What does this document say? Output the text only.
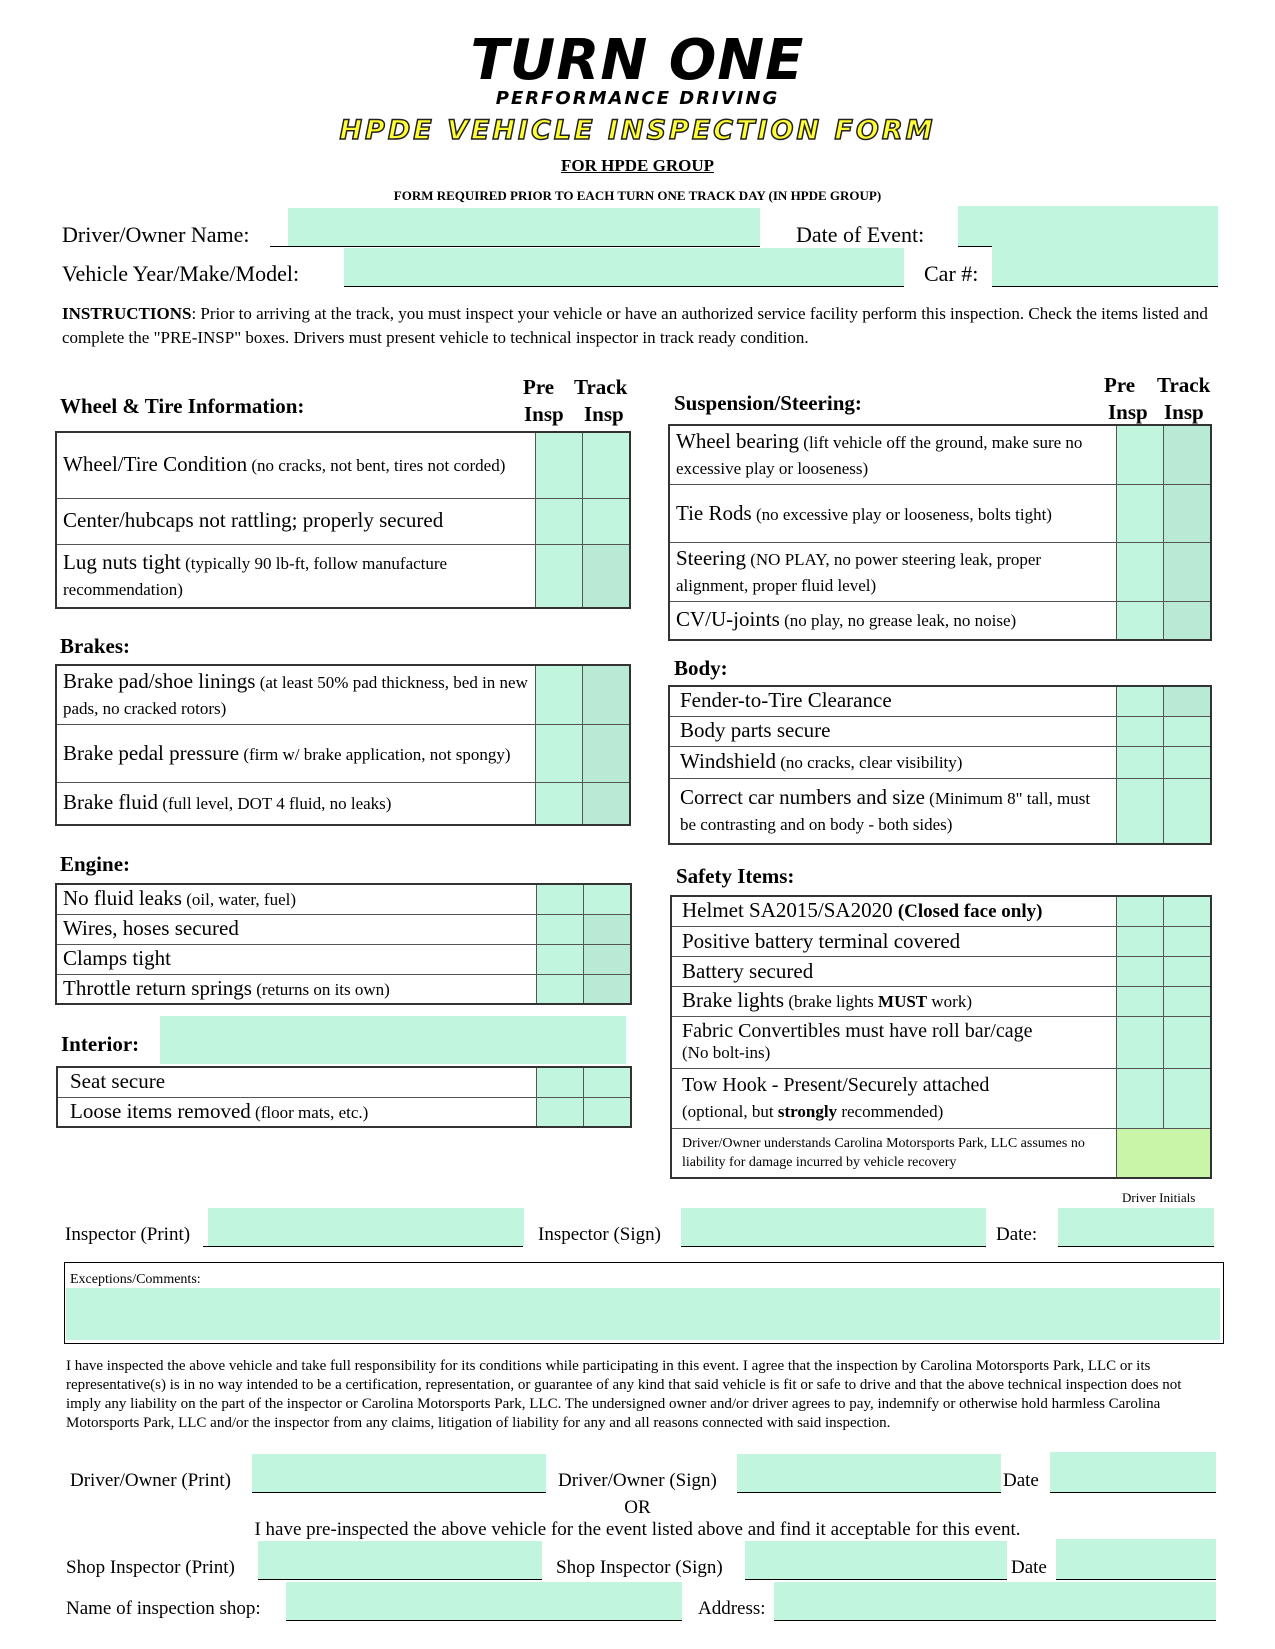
TURN ONE
PERFORMANCE DRIVING
HPDE VEHICLE INSPECTION FORM
FOR HPDE GROUP
FORM REQUIRED PRIOR TO EACH TURN ONE TRACK DAY (IN HPDE GROUP)
Driver/Owner Name:	Date of Event:
Vehicle Year/Make/Model:	Car #:
INSTRUCTIONS: Prior to arriving at the track, you must inspect your vehicle or have an authorized service facility perform this inspection. Check the items listed and complete the "PRE-INSP" boxes. Drivers must present vehicle to technical inspector in track ready condition.
Wheel & Tire Information:
Pre Track
Insp Insp
Wheel/Tire Condition (no cracks, not bent, tires not corded)		
Center/hubcaps not rattling; properly secured		
Lug nuts tight (typically 90 lb-ft, follow manufacture recommendation)		
Brakes:
Brake pad/shoe linings (at least 50% pad thickness, bed in new pads, no cracked rotors)		
Brake pedal pressure (firm w/ brake application, not spongy)		
Brake fluid (full level, DOT 4 fluid, no leaks)		
Engine:
No fluid leaks (oil, water, fuel)		
Wires, hoses secured		
Clamps tight		
Throttle return springs (returns on its own)		
Interior:
Seat secure		
Loose items removed (floor mats, etc.)		
Suspension/Steering:
Pre Track
Insp Insp
Wheel bearing (lift vehicle off the ground, make sure no excessive play or looseness)		
Tie Rods (no excessive play or looseness, bolts tight)		
Steering (NO PLAY, no power steering leak, proper alignment, proper fluid level)		
CV/U-joints (no play, no grease leak, no noise)		
Body:
Fender-to-Tire Clearance		
Body parts secure		
Windshield (no cracks, clear visibility)		
Correct car numbers and size (Minimum 8" tall, must be contrasting and on body - both sides)		
Safety Items:
Helmet SA2015/SA2020 (Closed face only)		
Positive battery terminal covered		
Battery secured		
Brake lights (brake lights MUST work)		
Fabric Convertibles must have roll bar/cage
(No bolt-ins)		
Tow Hook - Present/Securely attached
(optional, but strongly recommended)		
Driver/Owner understands Carolina Motorsports Park, LLC assumes no liability for damage incurred by vehicle recovery		
Driver Initials
Inspector (Print)	Inspector (Sign)	Date:
Exceptions/Comments:
I have inspected the above vehicle and take full responsibility for its conditions while participating in this event. I agree that the inspection by Carolina Motorsports Park, LLC or its representative(s) is in no way intended to be a certification, representation, or guarantee of any kind that said vehicle is fit or safe to drive and that the above technical inspection does not imply any liability on the part of the inspector or Carolina Motorsports Park, LLC. The undersigned owner and/or driver agrees to pay, indemnify or otherwise hold harmless Carolina Motorsports Park, LLC and/or the inspector from any claims, litigation of liability for any and all reasons connected with said inspection.
Driver/Owner (Print)	Driver/Owner (Sign)	Date
OR
I have pre-inspected the above vehicle for the event listed above and find it acceptable for this event.
Shop Inspector (Print)	Shop Inspector (Sign)	Date
Name of inspection shop:	Address:
